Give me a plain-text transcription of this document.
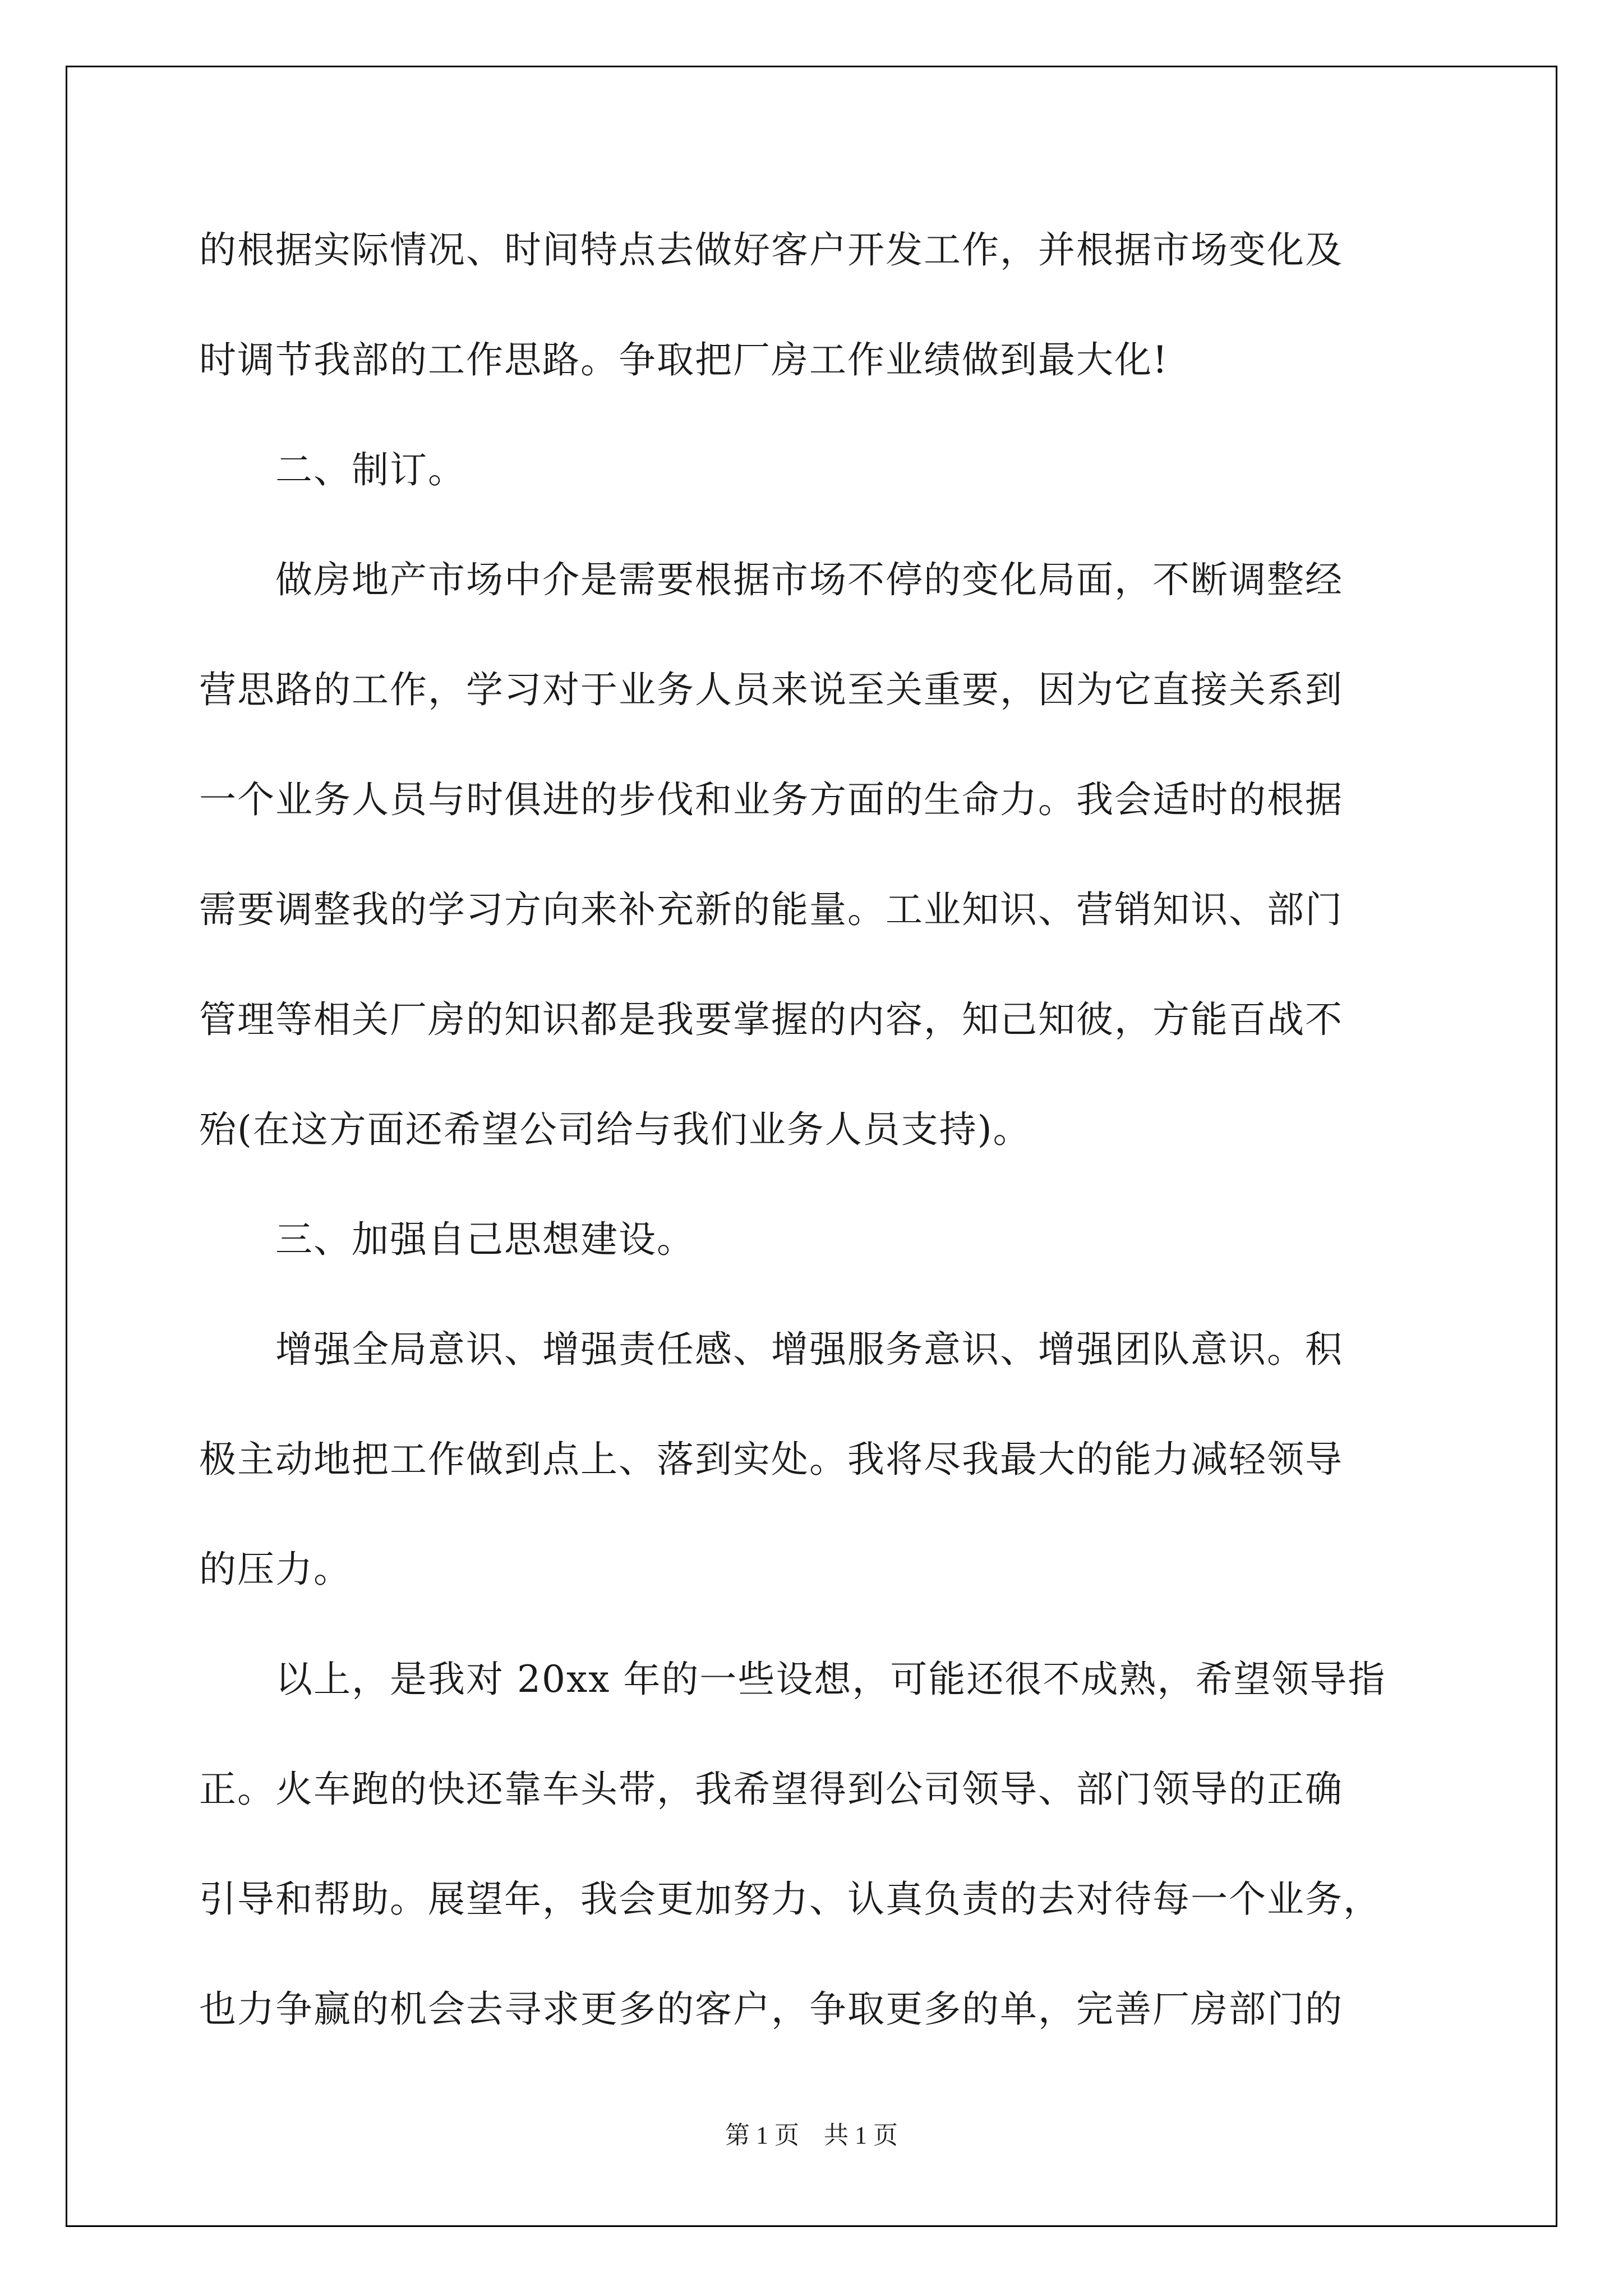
的根据实际情况、时间特点去做好客户开发工作，并根据市场变化及
时调节我部的工作思路。争取把厂房工作业绩做到最大化!
　　二、制订。
　　做房地产市场中介是需要根据市场不停的变化局面，不断调整经
营思路的工作，学习对于业务人员来说至关重要，因为它直接关系到
一个业务人员与时俱进的步伐和业务方面的生命力。我会适时的根据
需要调整我的学习方向来补充新的能量。工业知识、营销知识、部门
管理等相关厂房的知识都是我要掌握的内容，知己知彼，方能百战不
殆(在这方面还希望公司给与我们业务人员支持)。
　　三、加强自己思想建设。
　　增强全局意识、增强责任感、增强服务意识、增强团队意识。积
极主动地把工作做到点上、落到实处。我将尽我最大的能力减轻领导
的压力。
　　以上，是我对 20xx 年的一些设想，可能还很不成熟，希望领导指
正。火车跑的快还靠车头带，我希望得到公司领导、部门领导的正确
引导和帮助。展望年，我会更加努力、认真负责的去对待每一个业务，
也力争赢的机会去寻求更多的客户，争取更多的单，完善厂房部门的
第 1 页　共 1 页
